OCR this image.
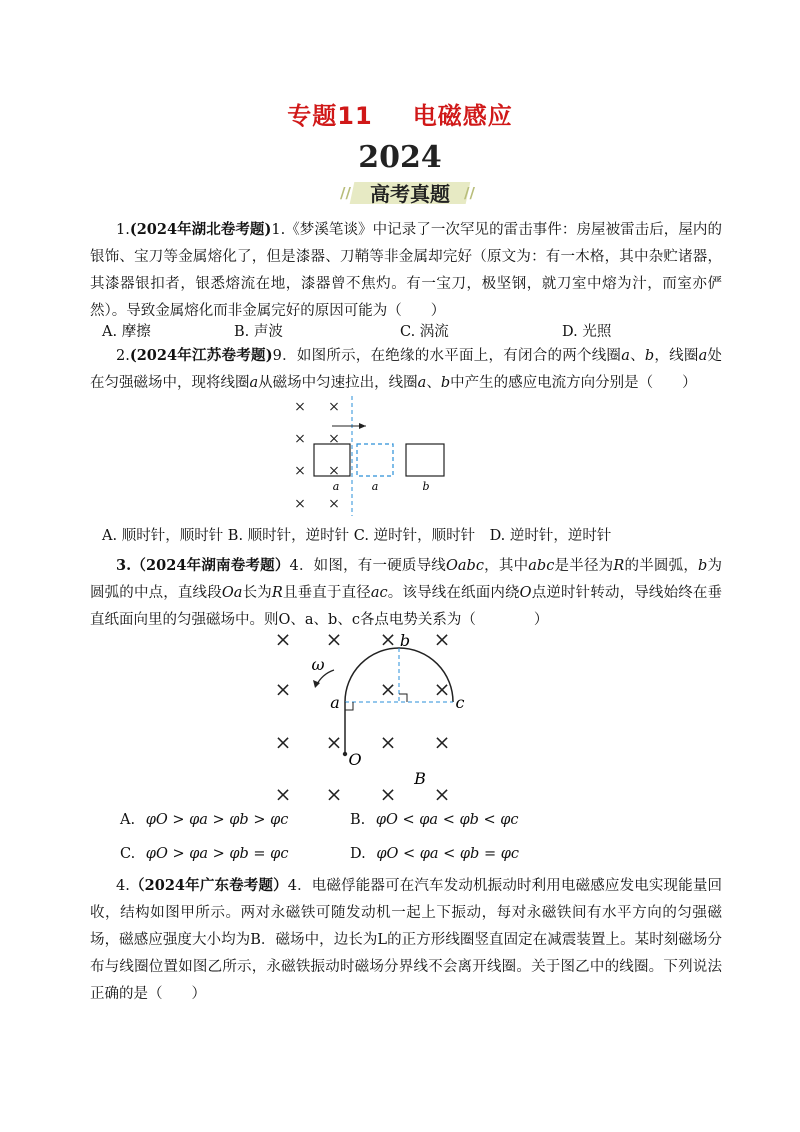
专题11 电磁感应
2024
//	//
高考真题
1.(2024年湖北卷考题)1.《梦溪笔谈》中记录了一次罕见的雷击事件：房屋被雷击后，屋内的银饰、宝刀等金属熔化了，但是漆器、刀鞘等非金属却完好（原文为：有一木格，其中杂贮诸器，其漆器银扣者，银悉熔流在地，漆器曾不焦灼。有一宝刀，极坚钢，就刀室中熔为汁，而室亦俨然）。导致金属熔化而非金属完好的原因可能为（　　）
A. 摩擦	B. 声波	C. 涡流	D. 光照
2.(2024年江苏卷考题)9．如图所示，在绝缘的水平面上，有闭合的两个线圈a、b，线圈a处在匀强磁场中，现将线圈a从磁场中匀速拉出，线圈a、b中产生的感应电流方向分别是（　　）
× ×
× ×
× ×
× ×
a	a	b
A. 顺时针，顺时针 B. 顺时针，逆时针 C. 逆时针，顺时针　D. 逆时针，逆时针
3.（2024年湖南卷考题）4．如图，有一硬质导线Oabc，其中abc是半径为R的半圆弧，b为圆弧的中点，直线段Oa长为R且垂直于直径ac。该导线在纸面内绕O点逆时针转动，导线始终在垂直纸面向里的匀强磁场中。则O、a、b、c各点电势关系为（　　　　）
× × × ×
×	× ×
× × × ×
× × × ×
ω
a
b
c
O
B
A. φO > φa > φb > φc	B. φO < φa < φb < φc
C. φO > φa > φb = φc	D. φO < φa < φb = φc
4.（2024年广东卷考题）4．电磁俘能器可在汽车发动机振动时利用电磁感应发电实现能量回收，结构如图甲所示。两对永磁铁可随发动机一起上下振动，每对永磁铁间有水平方向的匀强磁场，磁感应强度大小均为B．磁场中，边长为L的正方形线圈竖直固定在减震装置上。某时刻磁场分布与线圈位置如图乙所示，永磁铁振动时磁场分界线不会离开线圈。关于图乙中的线圈。下列说法正确的是（　　）
